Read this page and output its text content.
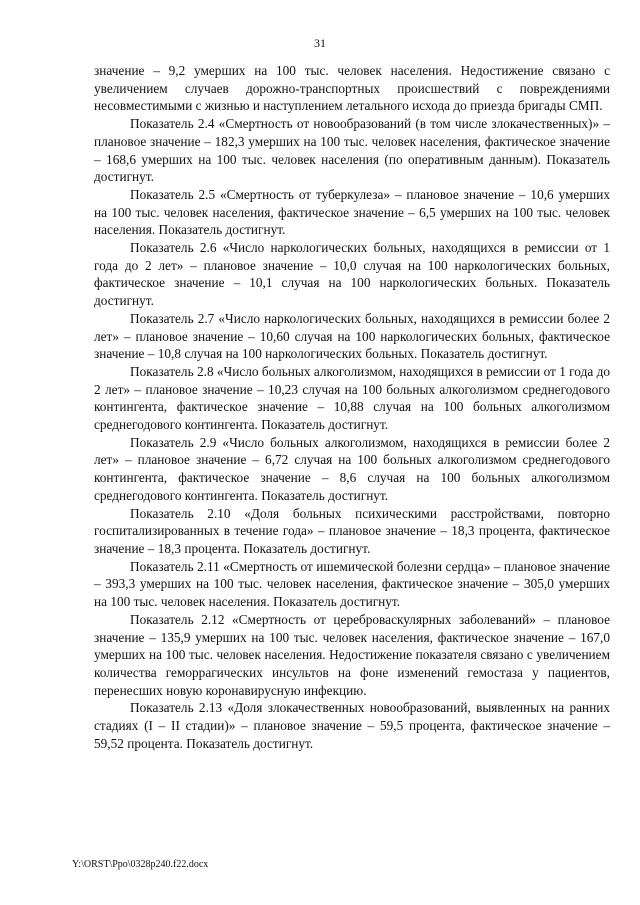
31

значение – 9,2 умерших на 100 тыс. человек населения. Недостижение связано с увеличением случаев дорожно-транспортных происшествий с повреждениями несовместимыми с жизнью и наступлением летального исхода до приезда бригады СМП.

Показатель 2.4 «Смертность от новообразований (в том числе злокачественных)» – плановое значение – 182,3 умерших на 100 тыс. человек населения, фактическое значение – 168,6 умерших на 100 тыс. человек населения (по оперативным данным). Показатель достигнут.

Показатель 2.5 «Смертность от туберкулеза» – плановое значение – 10,6 умерших на 100 тыс. человек населения, фактическое значение – 6,5 умерших на 100 тыс. человек населения. Показатель достигнут.

Показатель 2.6 «Число наркологических больных, находящихся в ремиссии от 1 года до 2 лет» – плановое значение – 10,0 случая на 100 наркологических больных, фактическое значение – 10,1 случая на 100 наркологических больных. Показатель достигнут.

Показатель 2.7 «Число наркологических больных, находящихся в ремиссии более 2 лет» – плановое значение – 10,60 случая на 100 наркологических больных, фактическое значение – 10,8 случая на 100 наркологических больных. Показатель достигнут.

Показатель 2.8 «Число больных алкоголизмом, находящихся в ремиссии от 1 года до 2 лет» – плановое значение – 10,23 случая на 100 больных алкоголизмом среднегодового контингента, фактическое значение – 10,88 случая на 100 больных алкоголизмом среднегодового контингента. Показатель достигнут.

Показатель 2.9 «Число больных алкоголизмом, находящихся в ремиссии более 2 лет» – плановое значение – 6,72 случая на 100 больных алкоголизмом среднегодового контингента, фактическое значение – 8,6 случая на 100 больных алкоголизмом среднегодового контингента. Показатель достигнут.

Показатель 2.10 «Доля больных психическими расстройствами, повторно госпитализированных в течение года» – плановое значение – 18,3 процента, фактическое значение – 18,3 процента. Показатель достигнут.

Показатель 2.11 «Смертность от ишемической болезни сердца» – плановое значение – 393,3 умерших на 100 тыс. человек населения, фактическое значение – 305,0 умерших на 100 тыс. человек населения. Показатель достигнут.

Показатель 2.12 «Смертность от цереброваскулярных заболеваний» – плановое значение – 135,9 умерших на 100 тыс. человек населения, фактическое значение – 167,0 умерших на 100 тыс. человек населения. Недостижение показателя связано с увеличением количества геморрагических инсультов на фоне изменений гемостаза у пациентов, перенесших новую коронавирусную инфекцию.

Показатель 2.13 «Доля злокачественных новообразований, выявленных на ранних стадиях (I – II стадии)» – плановое значение – 59,5 процента, фактическое значение – 59,52 процента. Показатель достигнут.

Y:\ORST\Ppo\0328p240.f22.docx
